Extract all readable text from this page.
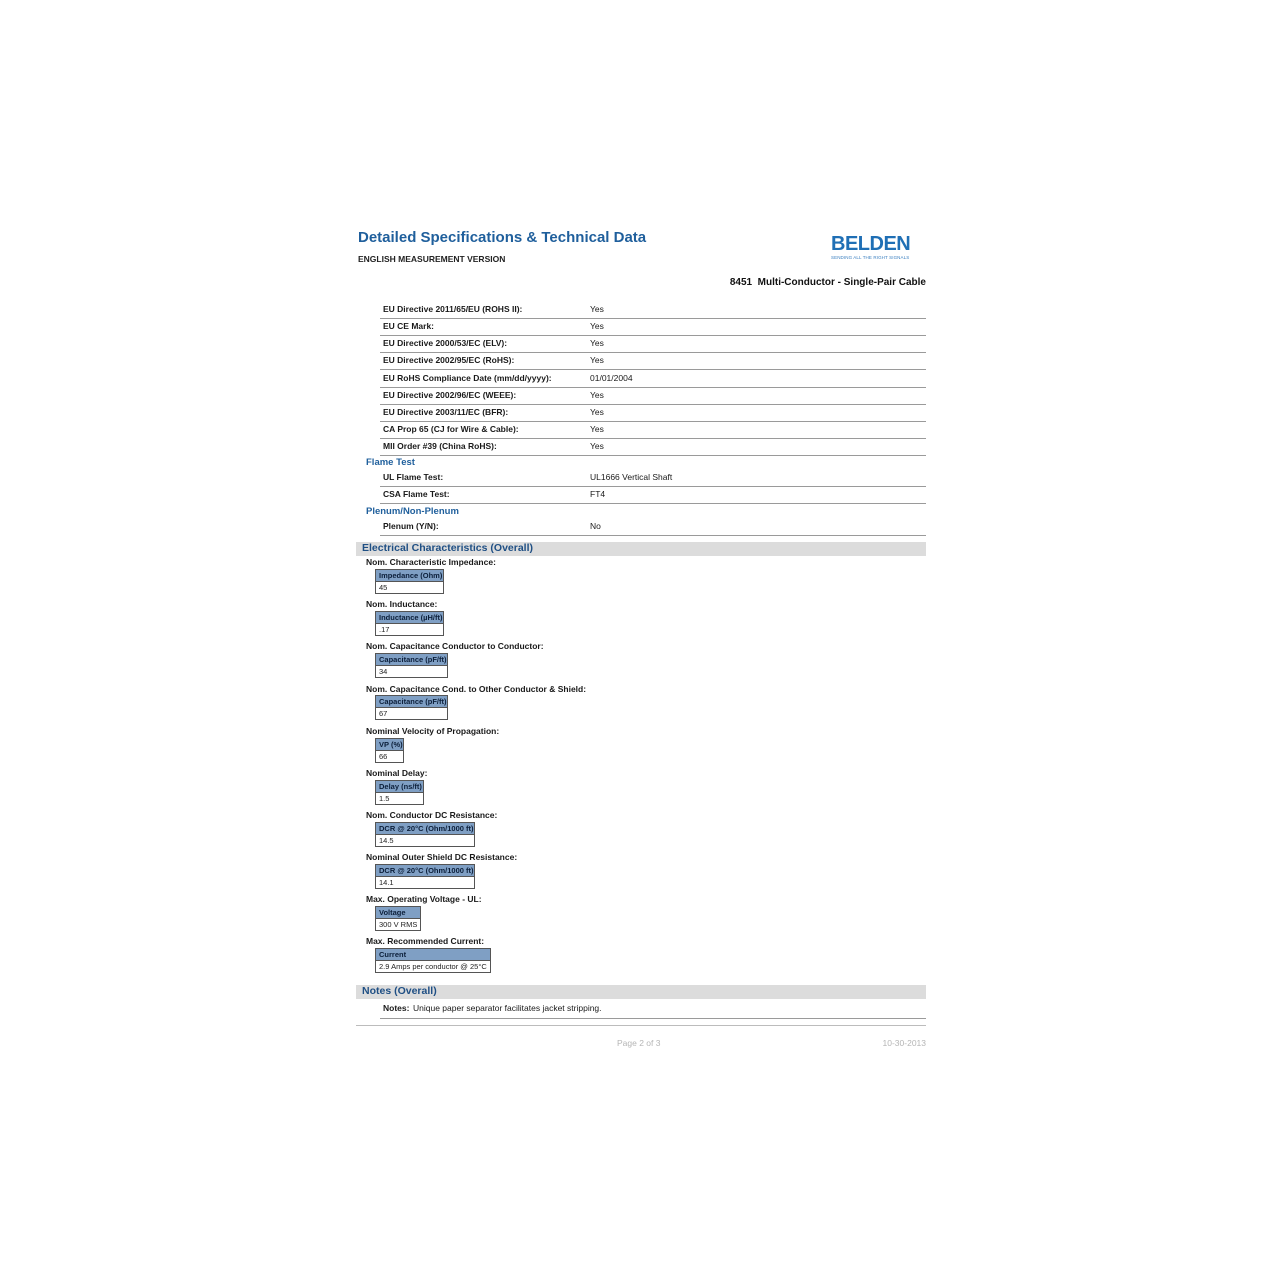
Detailed Specifications & Technical Data
ENGLISH MEASUREMENT VERSION
BELDEN
SENDING ALL THE RIGHT SIGNALS
8451 Multi-Conductor - Single-Pair Cable
EU Directive 2011/65/EU (ROHS II):	Yes
EU CE Mark:	Yes
EU Directive 2000/53/EC (ELV):	Yes
EU Directive 2002/95/EC (RoHS):	Yes
EU RoHS Compliance Date (mm/dd/yyyy):	01/01/2004
EU Directive 2002/96/EC (WEEE):	Yes
EU Directive 2003/11/EC (BFR):	Yes
CA Prop 65 (CJ for Wire & Cable):	Yes
MII Order #39 (China RoHS):	Yes
Flame Test
UL Flame Test:	UL1666 Vertical Shaft
CSA Flame Test:	FT4
Plenum/Non-Plenum
Plenum (Y/N):	No
Electrical Characteristics (Overall)
Nom. Characteristic Impedance:
Impedance (Ohm)
45
Nom. Inductance:
Inductance (µH/ft)
.17
Nom. Capacitance Conductor to Conductor:
Capacitance (pF/ft)
34
Nom. Capacitance Cond. to Other Conductor & Shield:
Capacitance (pF/ft)
67
Nominal Velocity of Propagation:
VP (%)
66
Nominal Delay:
Delay (ns/ft)
1.5
Nom. Conductor DC Resistance:
DCR @ 20°C (Ohm/1000 ft)
14.5
Nominal Outer Shield DC Resistance:
DCR @ 20°C (Ohm/1000 ft)
14.1
Max. Operating Voltage - UL:
Voltage
300 V RMS
Max. Recommended Current:
Current
2.9 Amps per conductor @ 25°C
Notes (Overall)
Notes: Unique paper separator facilitates jacket stripping.
Page 2 of 3	10-30-2013
